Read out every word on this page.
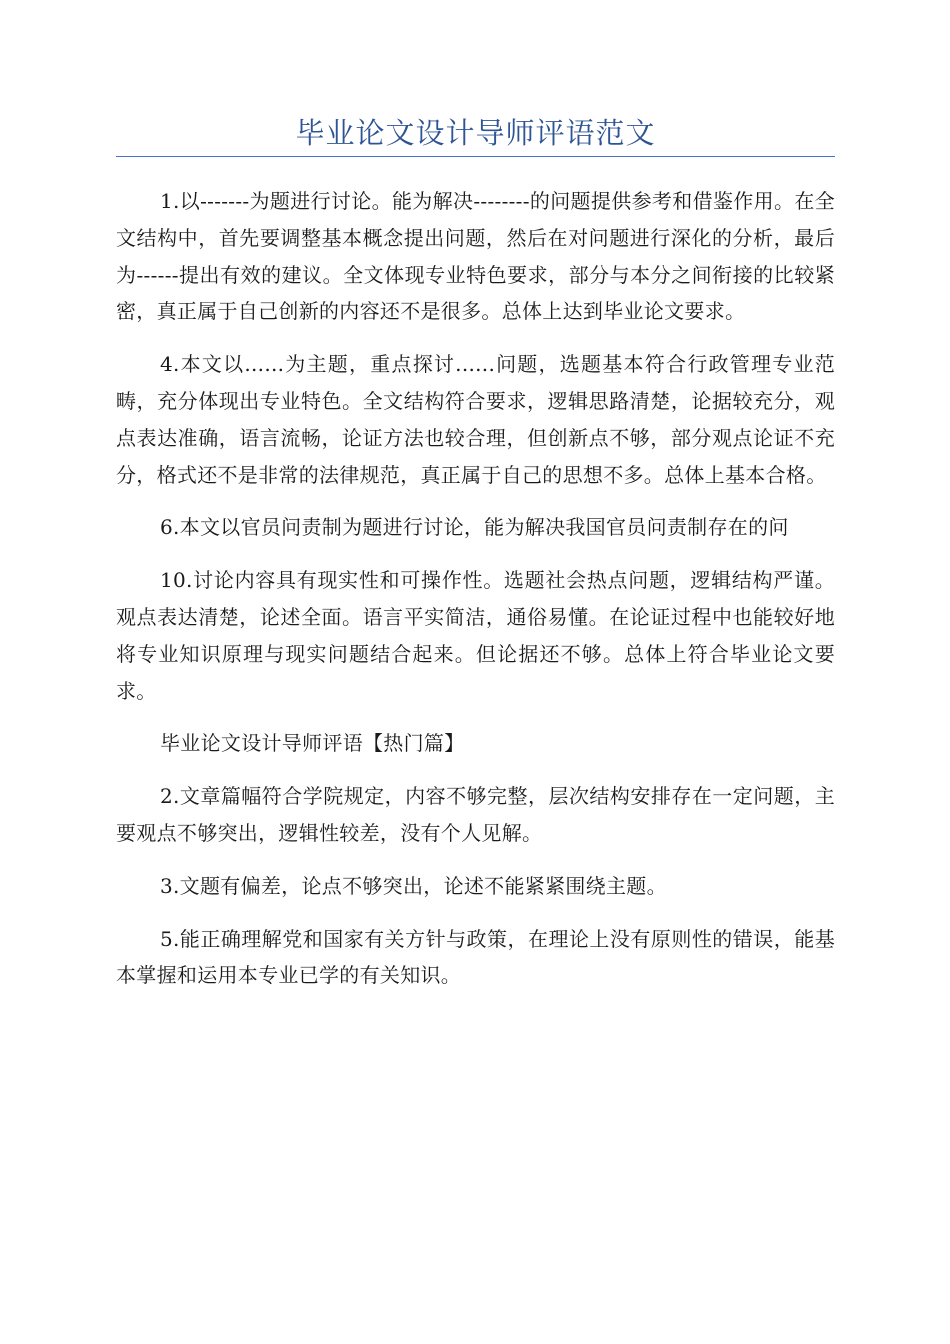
毕业论文设计导师评语范文

1.以-------为题进行讨论。能为解决--------的问题提供参考和借鉴作用。在全文结构中，首先要调整基本概念提出问题，然后在对问题进行深化的分析，最后为------提出有效的建议。全文体现专业特色要求，部分与本分之间衔接的比较紧密，真正属于自己创新的内容还不是很多。总体上达到毕业论文要求。

4.本文以......为主题，重点探讨......问题，选题基本符合行政管理专业范畴，充分体现出专业特色。全文结构符合要求，逻辑思路清楚，论据较充分，观点表达准确，语言流畅，论证方法也较合理，但创新点不够，部分观点论证不充分，格式还不是非常的法律规范，真正属于自己的思想不多。总体上基本合格。

6.本文以官员问责制为题进行讨论，能为解决我国官员问责制存在的问

10.讨论内容具有现实性和可操作性。选题社会热点问题，逻辑结构严谨。观点表达清楚，论述全面。语言平实简洁，通俗易懂。在论证过程中也能较好地将专业知识原理与现实问题结合起来。但论据还不够。总体上符合毕业论文要求。

毕业论文设计导师评语【热门篇】

2.文章篇幅符合学院规定，内容不够完整，层次结构安排存在一定问题，主要观点不够突出，逻辑性较差，没有个人见解。

3.文题有偏差，论点不够突出，论述不能紧紧围绕主题。

5.能正确理解党和国家有关方针与政策，在理论上没有原则性的错误，能基本掌握和运用本专业已学的有关知识。
